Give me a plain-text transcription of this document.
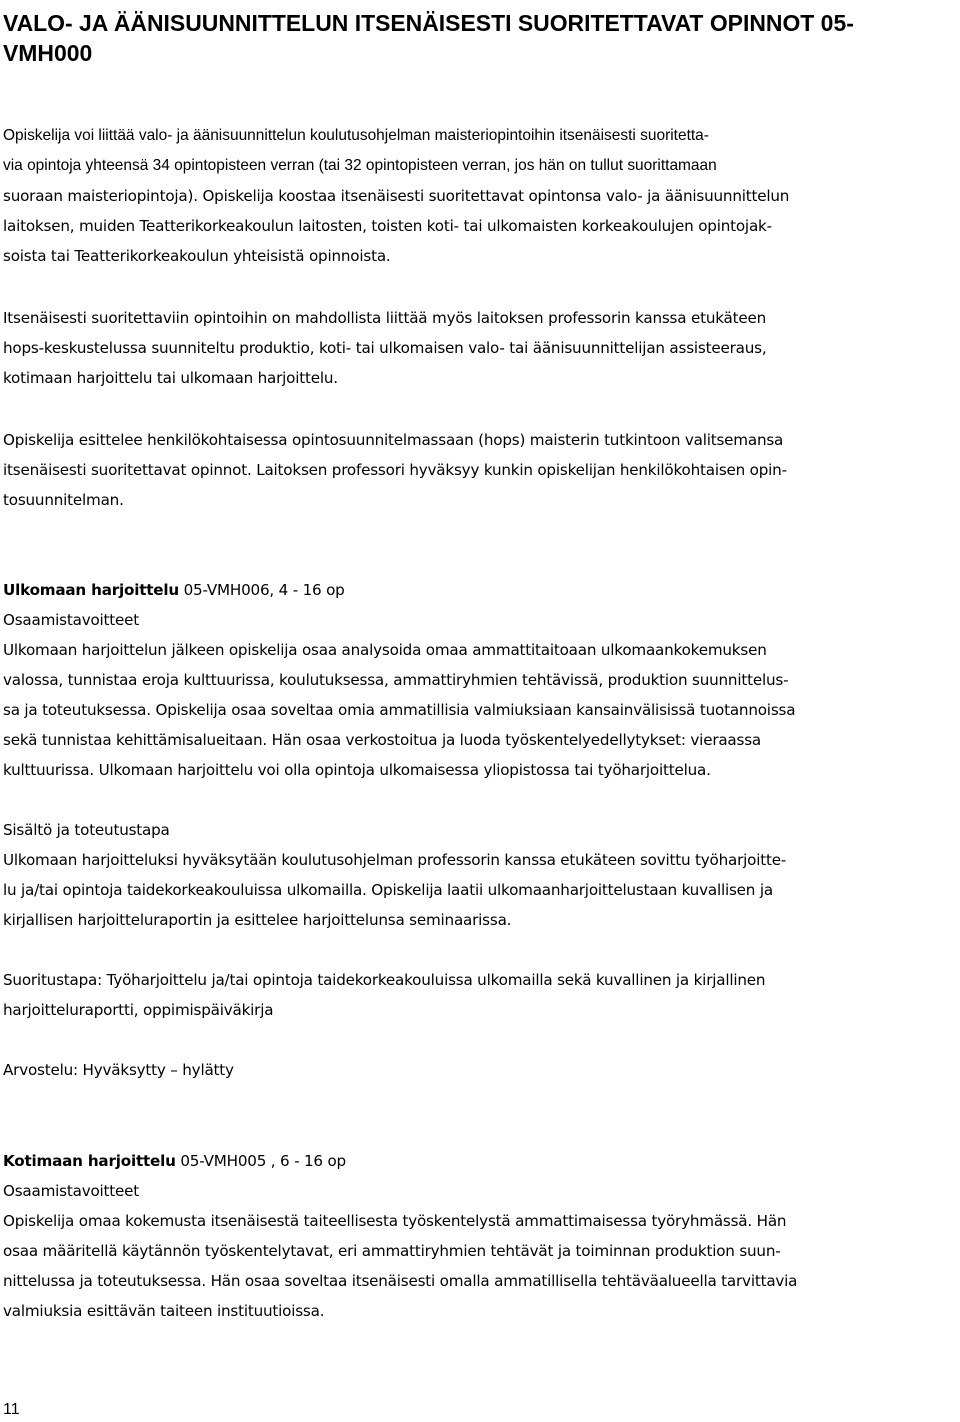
VALO- JA ÄÄNISUUNNITTELUN ITSENÄISESTI SUORITETTAVAT OPINNOT 05-
VMH000

Opiskelija voi liittää valo- ja äänisuunnittelun koulutusohjelman maisteriopintoihin itsenäisesti suoritetta-
via opintoja yhteensä 34 opintopisteen verran (tai 32 opintopisteen verran, jos hän on tullut suorittamaan
suoraan maisteriopintoja). Opiskelija koostaa itsenäisesti suoritettavat opintonsa valo- ja äänisuunnittelun
laitoksen, muiden Teatterikorkeakoulun laitosten, toisten koti- tai ulkomaisten korkeakoulujen opintojak-
soista tai Teatterikorkeakoulun yhteisistä opinnoista.

Itsenäisesti suoritettaviin opintoihin on mahdollista liittää myös laitoksen professorin kanssa etukäteen
hops-keskustelussa suunniteltu produktio, koti- tai ulkomaisen valo- tai äänisuunnittelijan assisteeraus,
kotimaan harjoittelu tai ulkomaan harjoittelu.

Opiskelija esittelee henkilökohtaisessa opintosuunnitelmassaan (hops) maisterin tutkintoon valitsemansa
itsenäisesti suoritettavat opinnot. Laitoksen professori hyväksyy kunkin opiskelijan henkilökohtaisen opin-
tosuunnitelman.

Ulkomaan harjoittelu 05-VMH006, 4 - 16 op
Osaamistavoitteet
Ulkomaan harjoittelun jälkeen opiskelija osaa analysoida omaa ammattitaitoaan ulkomaankokemuksen
valossa, tunnistaa eroja kulttuurissa, koulutuksessa, ammattiryhmien tehtävissä, produktion suunnittelus-
sa ja toteutuksessa. Opiskelija osaa soveltaa omia ammatillisia valmiuksiaan kansainvälisissä tuotannoissa
sekä tunnistaa kehittämisalueitaan. Hän osaa verkostoitua ja luoda työskentelyedellytykset: vieraassa
kulttuurissa. Ulkomaan harjoittelu voi olla opintoja ulkomaisessa yliopistossa tai työharjoittelua.

Sisältö ja toteutustapa
Ulkomaan harjoitteluksi hyväksytään koulutusohjelman professorin kanssa etukäteen sovittu työharjoitte-
lu ja/tai opintoja taidekorkeakouluissa ulkomailla. Opiskelija laatii ulkomaanharjoittelustaan kuvallisen ja
kirjallisen harjoitteluraportin ja esittelee harjoittelunsa seminaarissa.

Suoritustapa: Työharjoittelu ja/tai opintoja taidekorkeakouluissa ulkomailla sekä kuvallinen ja kirjallinen
harjoitteluraportti, oppimispäiväkirja

Arvostelu: Hyväksytty – hylätty

Kotimaan harjoittelu 05-VMH005 , 6 - 16 op
Osaamistavoitteet
Opiskelija omaa kokemusta itsenäisestä taiteellisesta työskentelystä ammattimaisessa työryhmässä. Hän
osaa määritellä käytännön työskentelytavat, eri ammattiryhmien tehtävät ja toiminnan produktion suun-
nittelussa ja toteutuksessa. Hän osaa soveltaa itsenäisesti omalla ammatillisella tehtäväalueella tarvittavia
valmiuksia esittävän taiteen instituutioissa.

11
